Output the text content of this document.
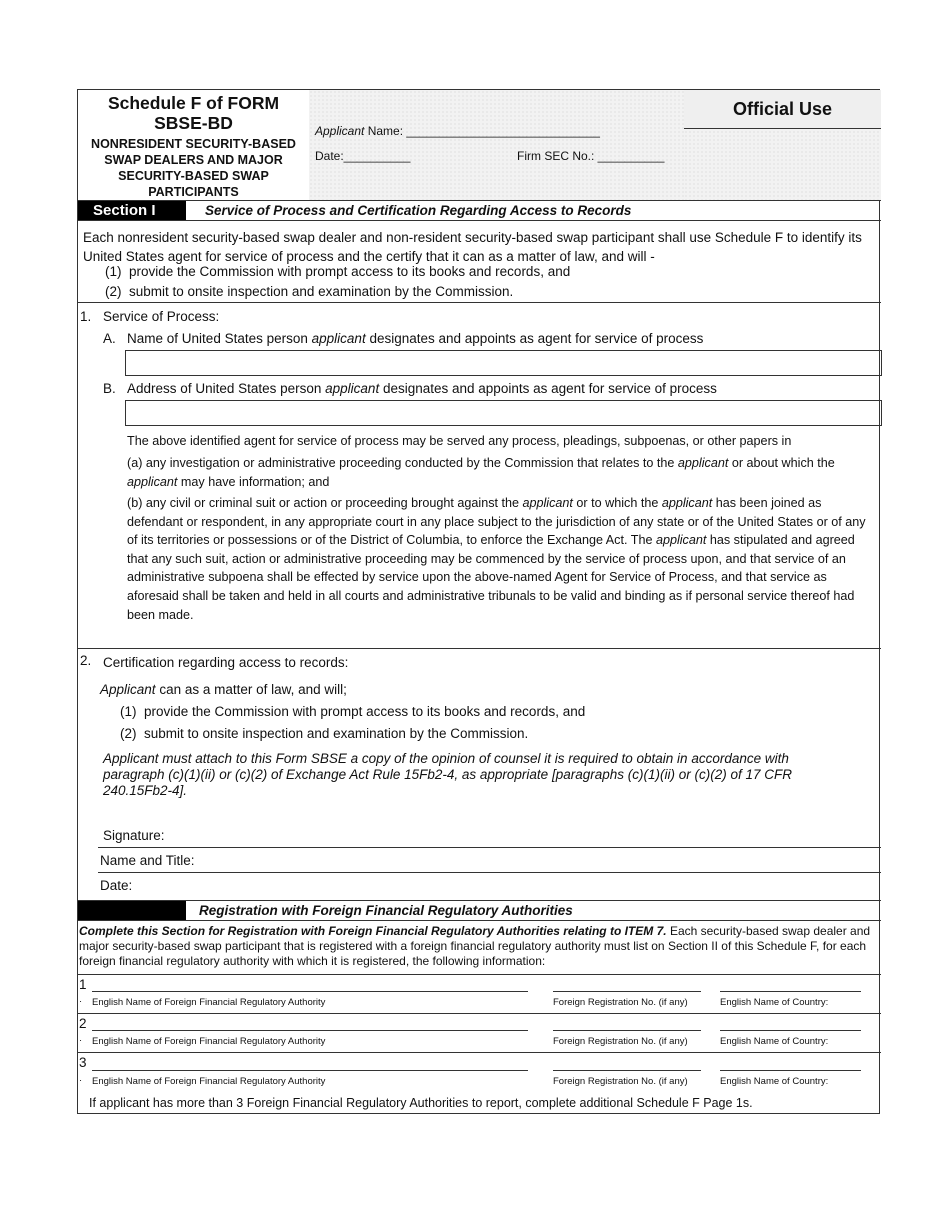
Schedule F of FORM
SBSE-BD
NONRESIDENT SECURITY-BASED SWAP DEALERS AND MAJOR SECURITY-BASED SWAP PARTICIPANTS
Applicant Name: _____________________________
Date:__________	Firm SEC No.: __________
Official Use
Section I	Service of Process and Certification Regarding Access to Records
Each nonresident security-based swap dealer and non-resident security-based swap participant shall use Schedule F to identify its United States agent for service of process and the certify that it can as a matter of law, and will -
(1) provide the Commission with prompt access to its books and records, and
(2) submit to onsite inspection and examination by the Commission.
1. Service of Process:
A. Name of United States person applicant designates and appoints as agent for service of process
B. Address of United States person applicant designates and appoints as agent for service of process
The above identified agent for service of process may be served any process, pleadings, subpoenas, or other papers in
(a) any investigation or administrative proceeding conducted by the Commission that relates to the applicant or about which the applicant may have information; and
(b) any civil or criminal suit or action or proceeding brought against the applicant or to which the applicant has been joined as defendant or respondent, in any appropriate court in any place subject to the jurisdiction of any state or of the United States or of any of its territories or possessions or of the District of Columbia, to enforce the Exchange Act. The applicant has stipulated and agreed that any such suit, action or administrative proceeding may be commenced by the service of process upon, and that service of an administrative subpoena shall be effected by service upon the above-named Agent for Service of Process, and that service as aforesaid shall be taken and held in all courts and administrative tribunals to be valid and binding as if personal service thereof had been made.
2. Certification regarding access to records:
Applicant can as a matter of law, and will;
(1) provide the Commission with prompt access to its books and records, and
(2) submit to onsite inspection and examination by the Commission.
Applicant must attach to this Form SBSE a copy of the opinion of counsel it is required to obtain in accordance with paragraph (c)(1)(ii) or (c)(2) of Exchange Act Rule 15Fb2-4, as appropriate [paragraphs (c)(1)(ii) or (c)(2) of 17 CFR 240.15Fb2-4].
Signature:
Name and Title:
Date:
Registration with Foreign Financial Regulatory Authorities
Complete this Section for Registration with Foreign Financial Regulatory Authorities relating to ITEM 7. Each security-based swap dealer and major security-based swap participant that is registered with a foreign financial regulatory authority must list on Section II of this Schedule F, for each foreign financial regulatory authority with which it is registered, the following information:
1
· English Name of Foreign Financial Regulatory Authority	Foreign Registration No. (if any)	English Name of Country:
2
· English Name of Foreign Financial Regulatory Authority	Foreign Registration No. (if any)	English Name of Country:
3
· English Name of Foreign Financial Regulatory Authority	Foreign Registration No. (if any)	English Name of Country:
If applicant has more than 3 Foreign Financial Regulatory Authorities to report, complete additional Schedule F Page 1s.
